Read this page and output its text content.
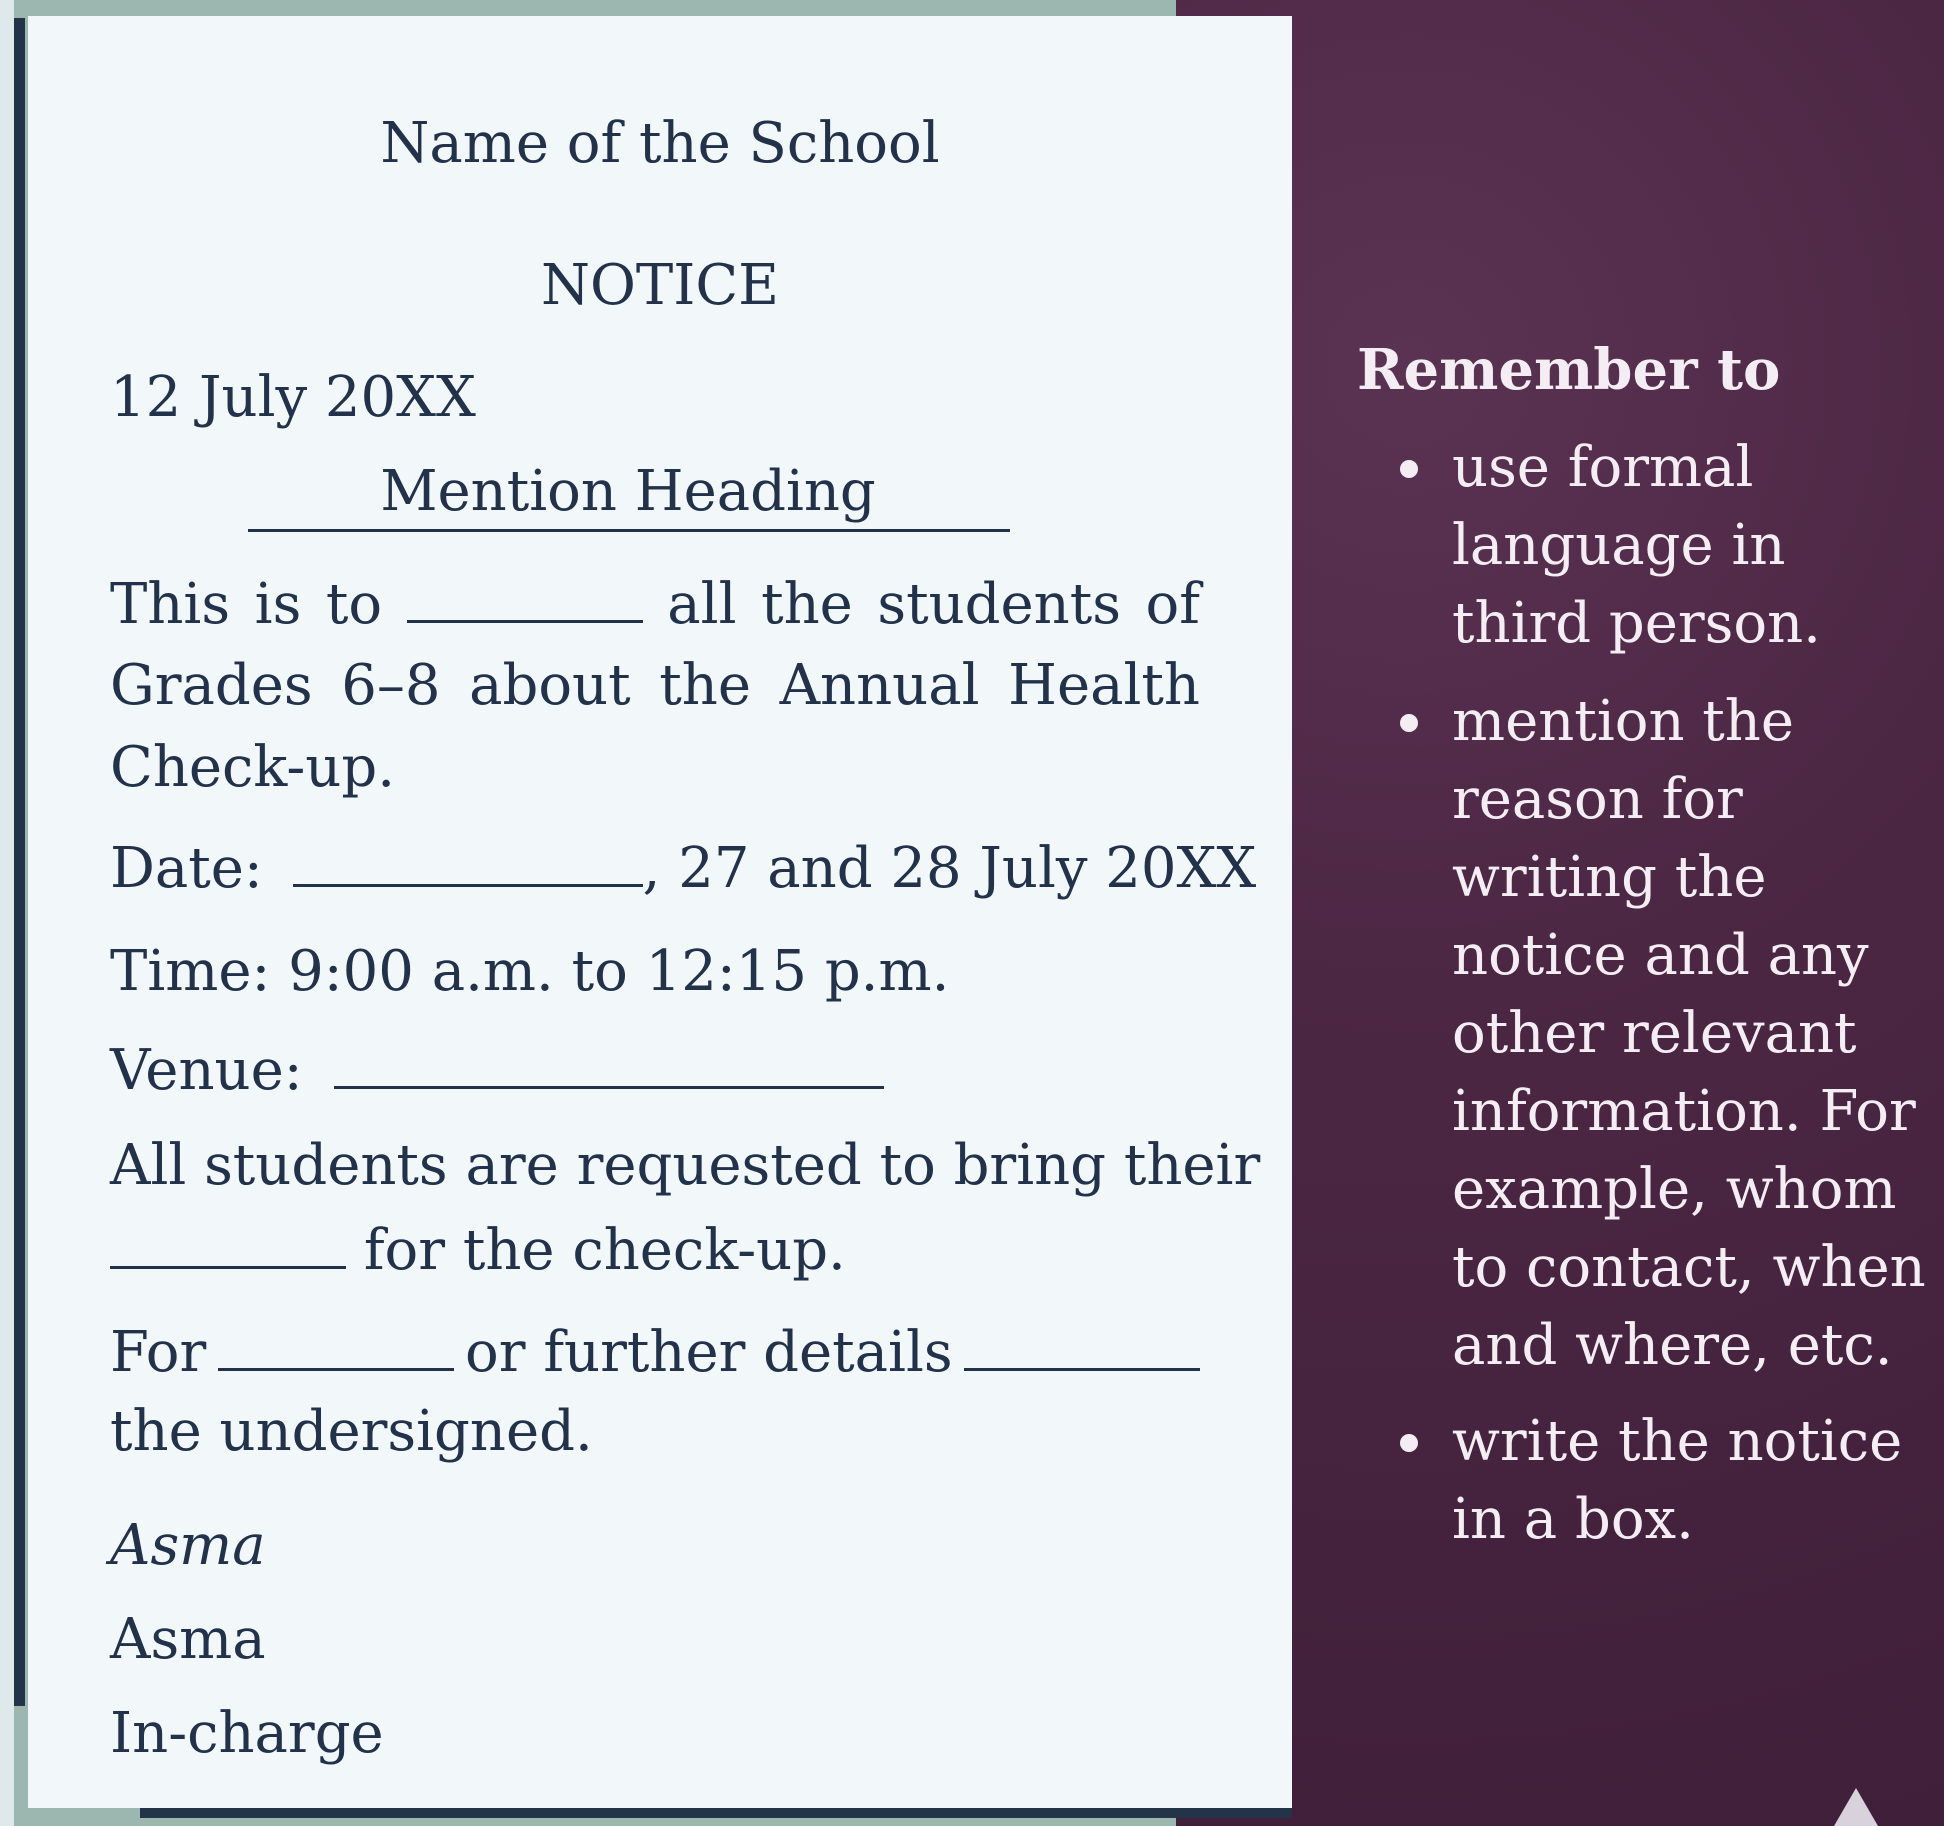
Name of the School
NOTICE
12 July 20XX
Mention Heading
This is to	all the students of
Grades 6–8 about the Annual Health
Check-up.
Date:	, 27 and 28 July 20XX
Time: 9:00 a.m. to 12:15 p.m.
Venue:
All students are requested to bring their
for the check-up.
For	or further details
the undersigned.
Asma
Asma
In-charge
Remember to
use formal
language in
third person.
mention the
reason for
writing the
notice and any
other relevant
information. For
example, whom
to contact, when
and where, etc.
write the notice
in a box.
